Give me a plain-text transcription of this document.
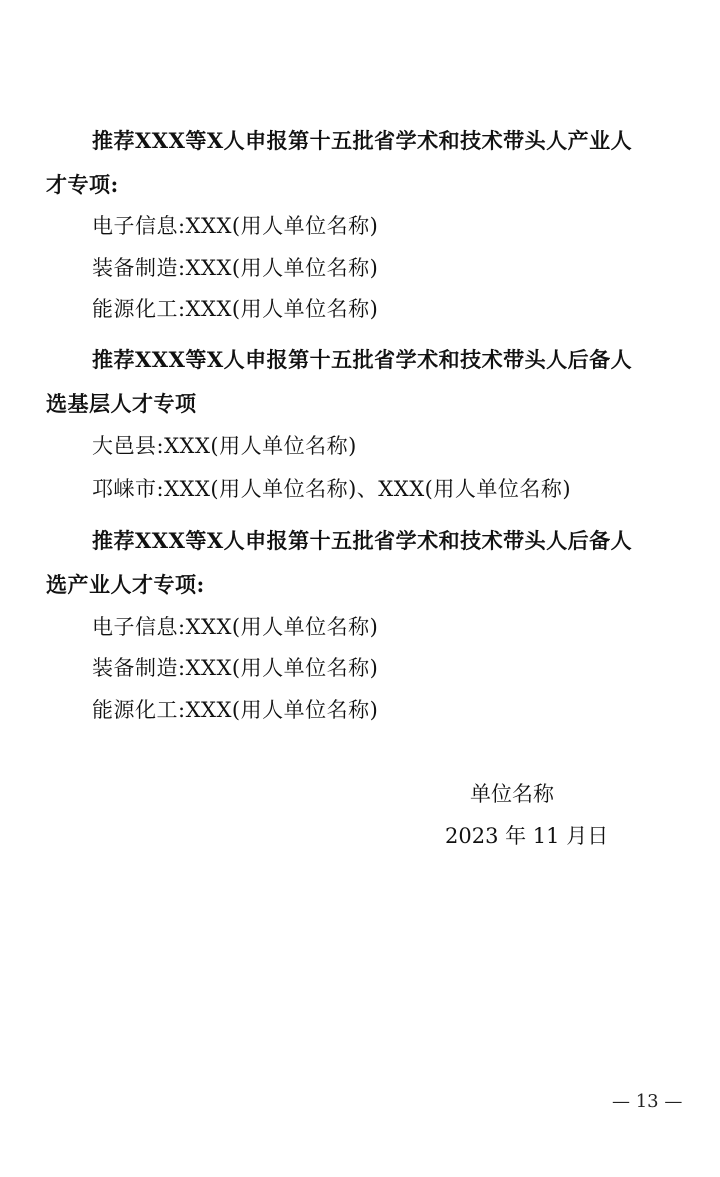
推荐XXX等X人申报第十五批省学术和技术带头人产业人
才专项:
电子信息:XXX(用人单位名称)
装备制造:XXX(用人单位名称)
能源化工:XXX(用人单位名称)
推荐XXX等X人申报第十五批省学术和技术带头人后备人
选基层人才专项
大邑县:XXX(用人单位名称)
邛崃市:XXX(用人单位名称)、XXX(用人单位名称)
推荐XXX等X人申报第十五批省学术和技术带头人后备人
选产业人才专项:
电子信息:XXX(用人单位名称)
装备制造:XXX(用人单位名称)
能源化工:XXX(用人单位名称)
单位名称
2023 年 11 月日
— 13 —
